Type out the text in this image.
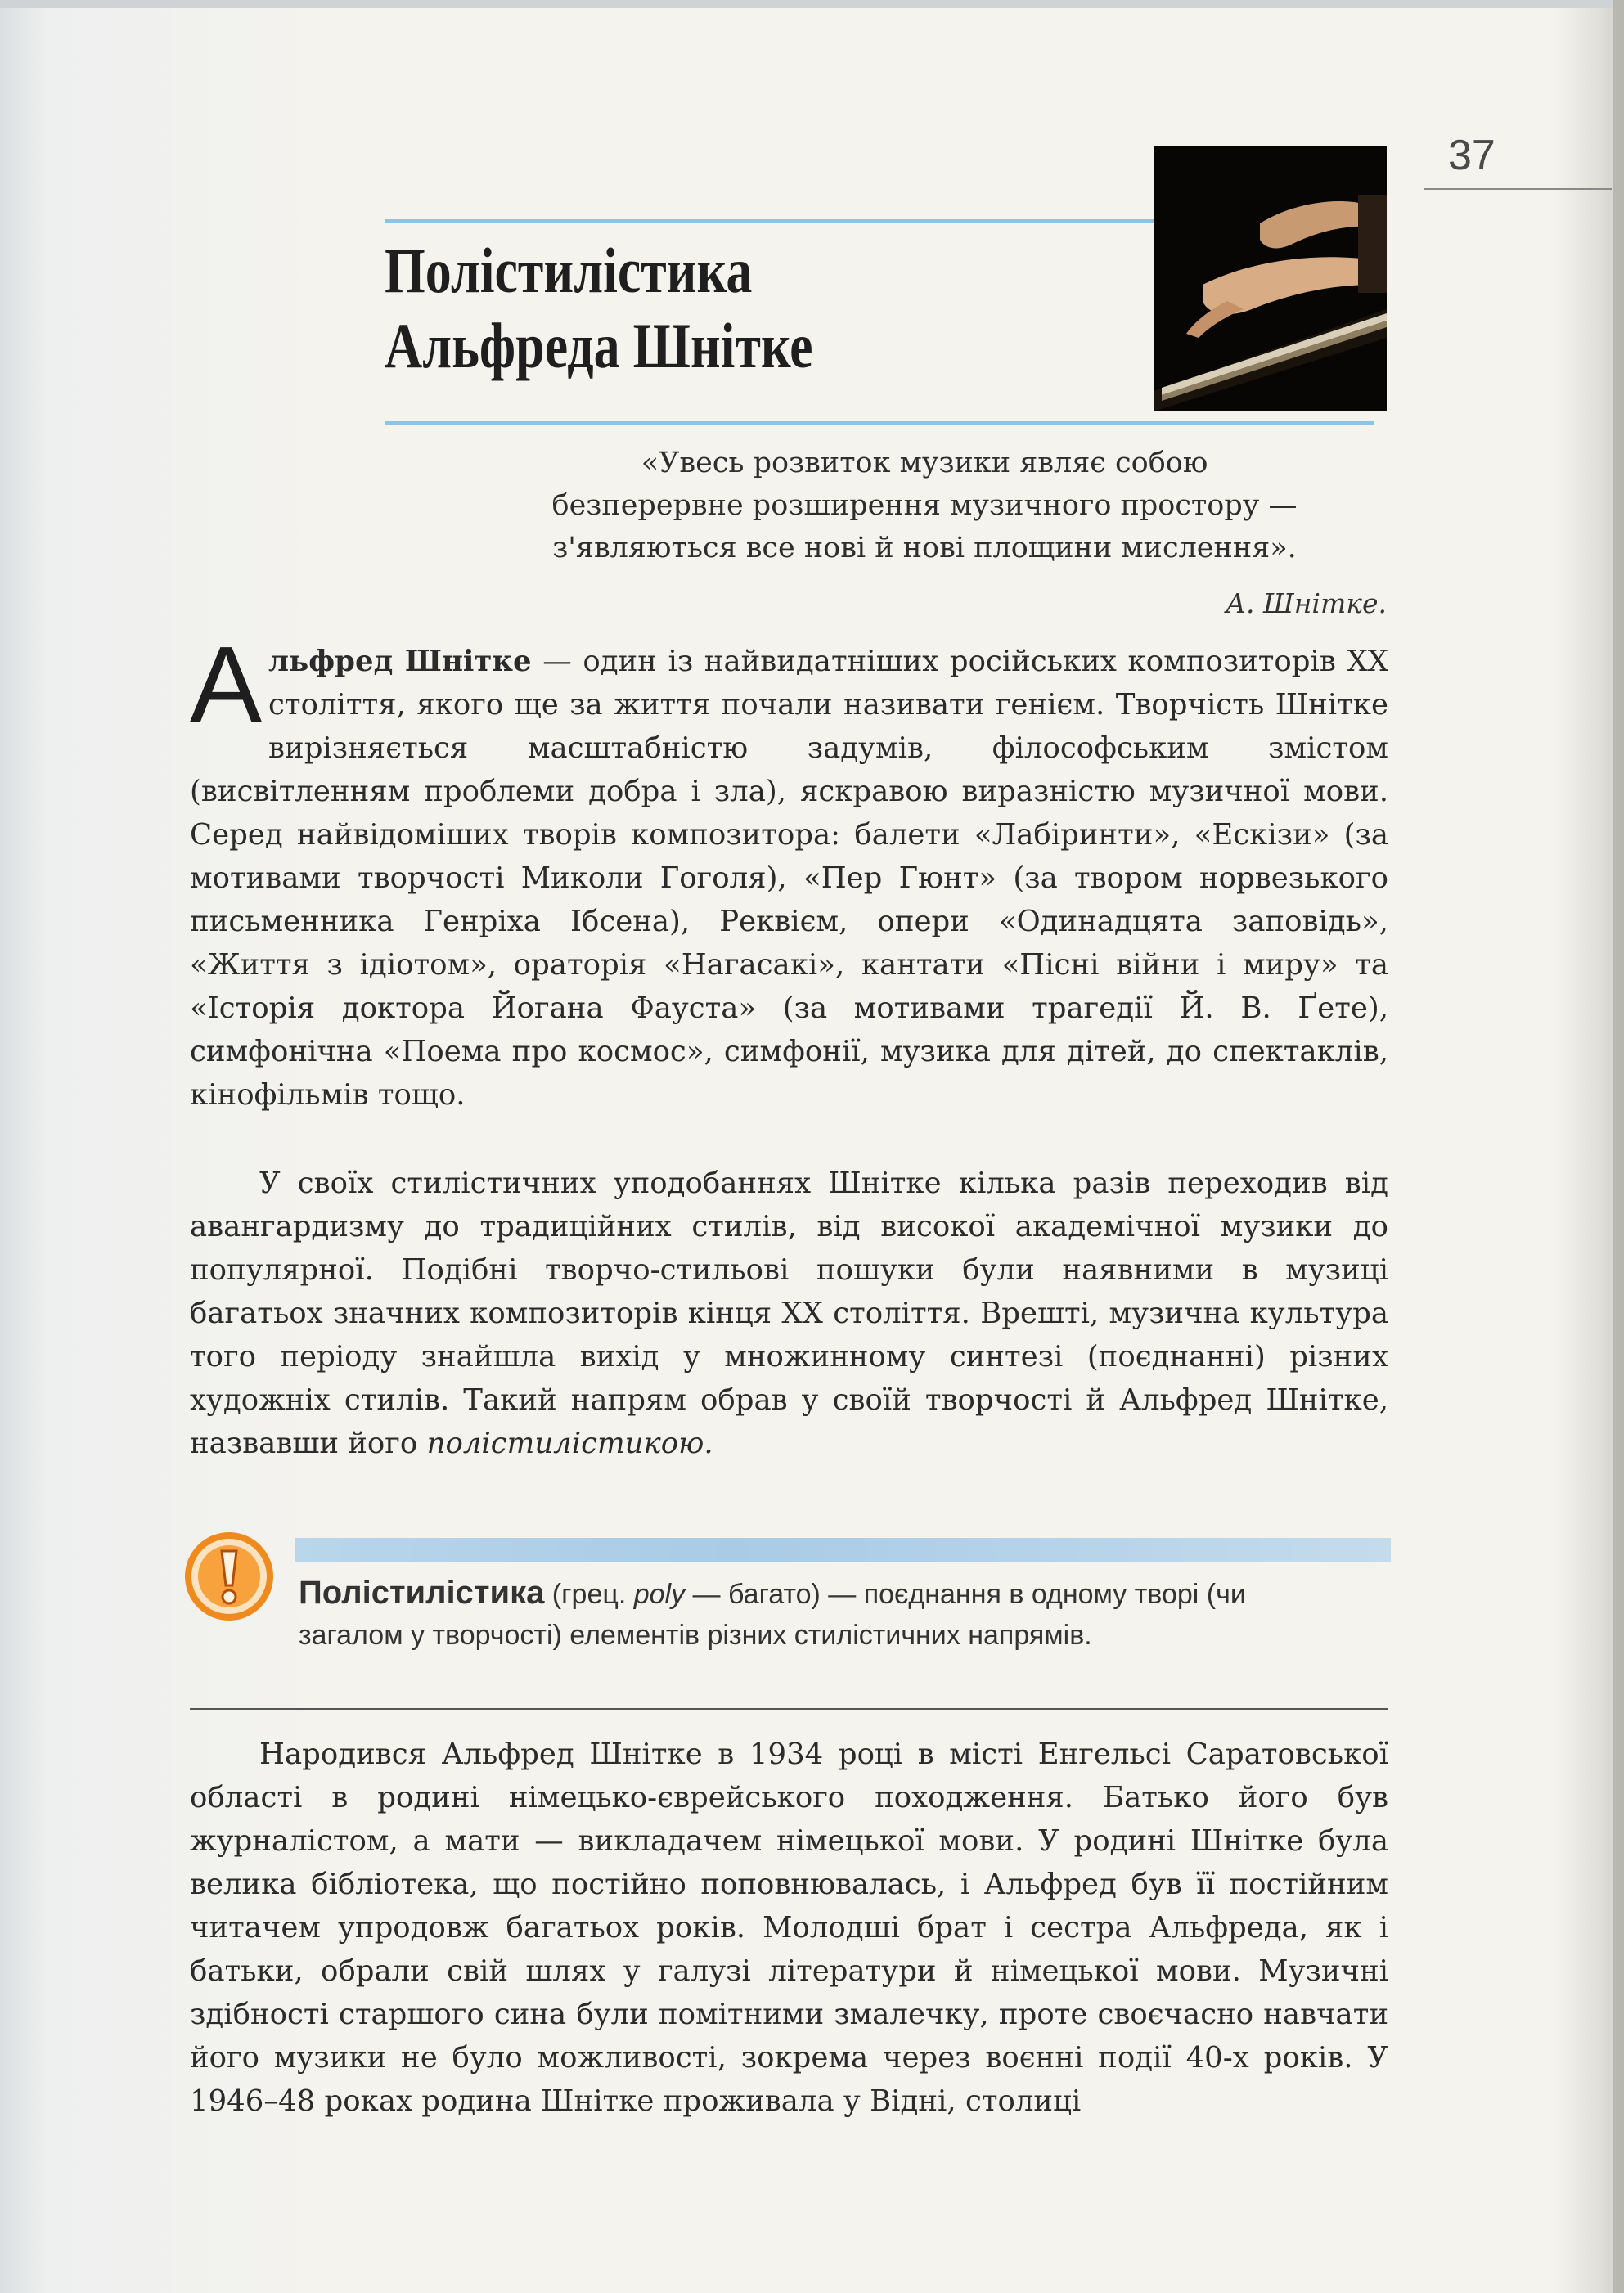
37
Полістилістика
Альфреда Шнітке
«Увесь розвиток музики являє собою
безперервне розширення музичного простору —
з'являються все нові й нові площини мислення».
А. Шнітке.

Альфред Шнітке — один із найвидатніших російських композиторів XX століття, якого ще за життя почали називати генієм. Творчість Шнітке вирізняється масштабністю задумів, філософським змістом (висвітленням проблеми добра і зла), яскравою виразністю музичної мови. Серед найвідоміших творів композитора: балети «Лабіринти», «Ескізи» (за мотивами творчості Миколи Гоголя), «Пер Гюнт» (за твором норвезького письменника Генріха Ібсена), Реквієм, опери «Одинадцята заповідь», «Життя з ідіотом», ораторія «Нагасакі», кантати «Пісні війни і миру» та «Історія доктора Йогана Фауста» (за мотивами трагедії Й. В. Ґете), симфонічна «Поема про космос», симфонії, музика для дітей, до спектаклів, кінофільмів тощо.

У своїх стилістичних уподобаннях Шнітке кілька разів переходив від авангардизму до традиційних стилів, від високої академічної музики до популярної. Подібні творчо-стильові пошуки були наявними в музиці багатьох значних композиторів кінця XX століття. Врешті, музична культура того періоду знайшла вихід у множинному синтезі (поєднанні) різних художніх стилів. Такий напрям обрав у своїй творчості й Альфред Шнітке, назвавши його полістилістикою.

Полістилістика (грец. poly — багато) — поєднання в одному творі (чи загалом у творчості) елементів різних стилістичних напрямів.

Народився Альфред Шнітке в 1934 році в місті Енгельсі Саратовської області в родині німецько-єврейського походження. Батько його був журналістом, а мати — викладачем німецької мови. У родині Шнітке була велика бібліотека, що постійно поповнювалась, і Альфред був її постійним читачем упродовж багатьох років. Молодші брат і сестра Альфреда, як і батьки, обрали свій шлях у галузі літератури й німецької мови. Музичні здібності старшого сина були помітними змалечку, проте своєчасно навчати його музики не було можливості, зокрема через воєнні події 40-х років. У 1946–48 роках родина Шнітке проживала у Відні, столиці
